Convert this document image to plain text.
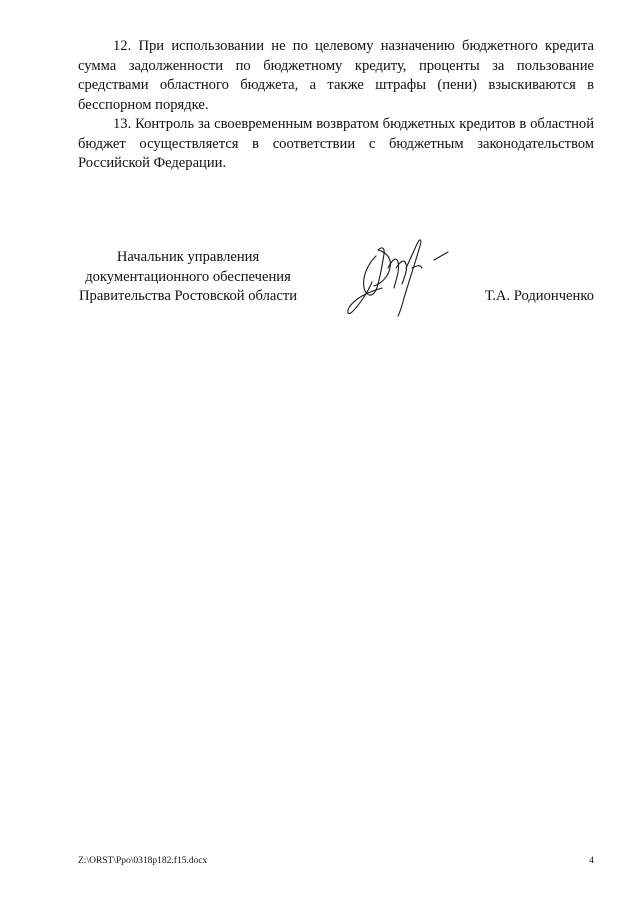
12. При использовании не по целевому назначению бюджетного кредита сумма задолженности по бюджетному кредиту, проценты за пользование средствами областного бюджета, а также штрафы (пени) взыскиваются в бесспорном порядке.

13. Контроль за своевременным возвратом бюджетных кредитов в областной бюджет осуществляется в соответствии с бюджетным законодательством Российской Федерации.

Начальник управления
документационного обеспечения
Правительства Ростовской области	Т.А. Родионченко
Z:\ORST\Ppo\0318p182.f15.docx	4
